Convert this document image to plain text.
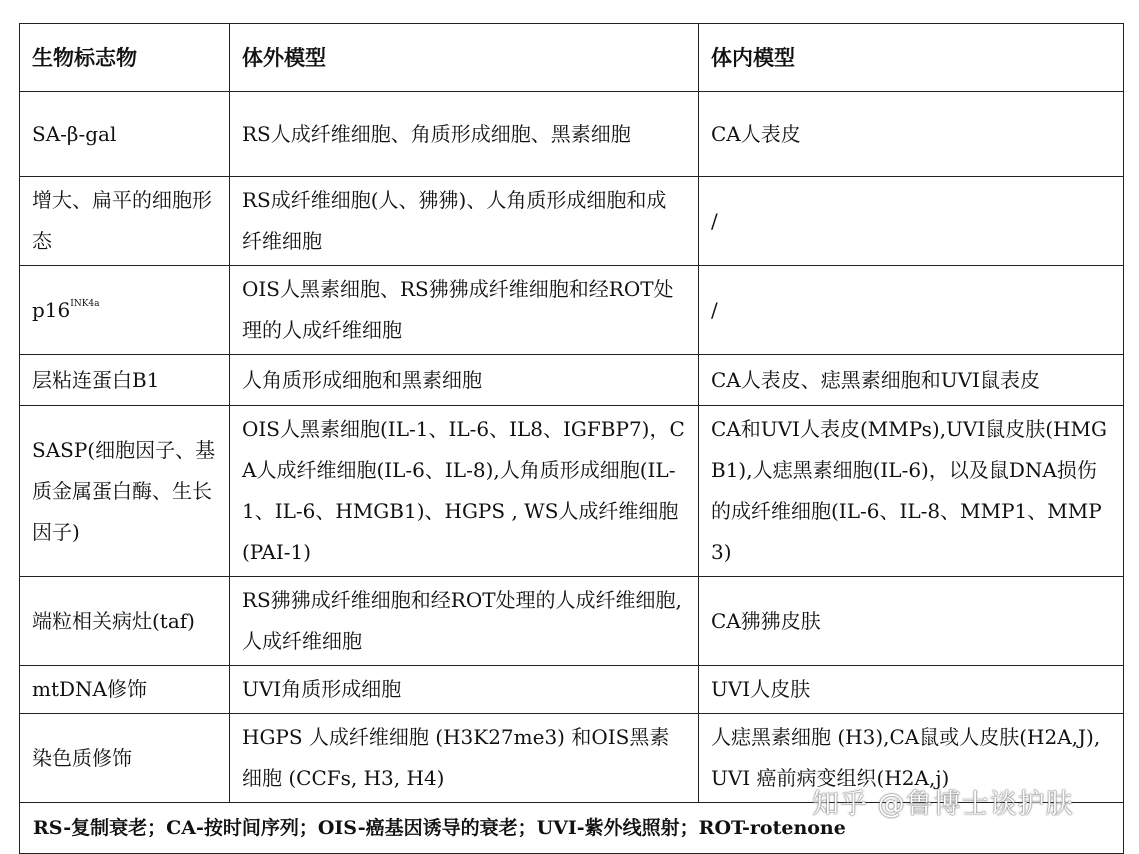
生物标志物	体外模型	体内模型
SA-β-gal	RS人成纤维细胞、角质形成细胞、黑素细胞	CA人表皮
增大、扁平的细胞形态	RS成纤维细胞(人、狒狒)、人角质形成细胞和成纤维细胞	/
$p16^{INK4a}$	OIS人黑素细胞、RS狒狒成纤维细胞和经ROT处理的人成纤维细胞	/
层粘连蛋白B1	人角质形成细胞和黑素细胞	CA人表皮、痣黑素细胞和UVI鼠表皮
SASP(细胞因子、基质金属蛋白酶、生长因子)	OIS人黑素细胞(IL-1、IL-6、IL8、IGFBP7)，CA人成纤维细胞(IL-6、IL-8),人角质形成细胞(IL-1、IL-6、HMGB1)、HGPS , WS人成纤维细胞(PAI-1)	CA和UVI人表皮(MMPs),UVI鼠皮肤(HMGB1),人痣黑素细胞(IL-6)，以及鼠DNA损伤的成纤维细胞(IL-6、IL-8、MMP1、MMP3)
端粒相关病灶(taf)	RS狒狒成纤维细胞和经ROT处理的人成纤维细胞,人成纤维细胞	CA狒狒皮肤
mtDNA修饰	UVI角质形成细胞	UVI人皮肤
染色质修饰	HGPS 人成纤维细胞 (H3K27me3) 和OIS黑素细胞 (CCFs, H3, H4)	人痣黑素细胞 (H3),CA鼠或人皮肤(H2A,J),UVI 癌前病变组织(H2A,j)
RS-复制衰老；CA-按时间序列；OIS-癌基因诱导的衰老；UVI-紫外线照射；ROT-rotenone		
知乎 @鲁博士谈护肤
